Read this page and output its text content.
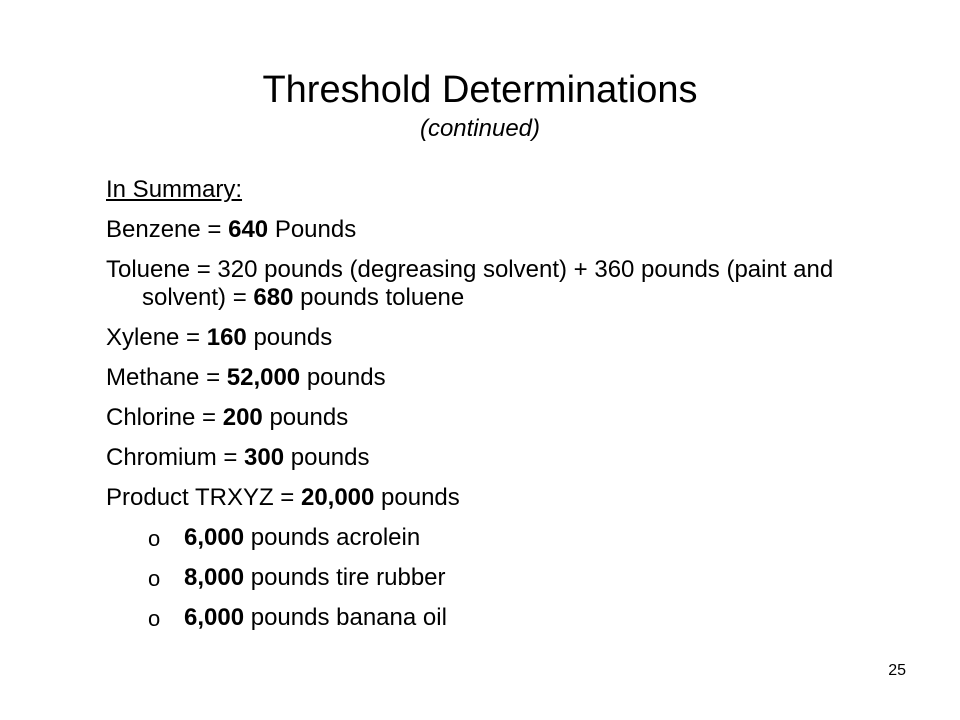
Threshold Determinations
(continued)
In Summary:
Benzene = 640 Pounds
Toluene = 320 pounds (degreasing solvent) + 360 pounds (paint and solvent) = 680 pounds toluene
Xylene = 160 pounds
Methane = 52,000 pounds
Chlorine = 200 pounds
Chromium = 300 pounds
Product TRXYZ = 20,000 pounds
o 6,000 pounds acrolein
o 8,000 pounds tire rubber
o 6,000 pounds banana oil
25
